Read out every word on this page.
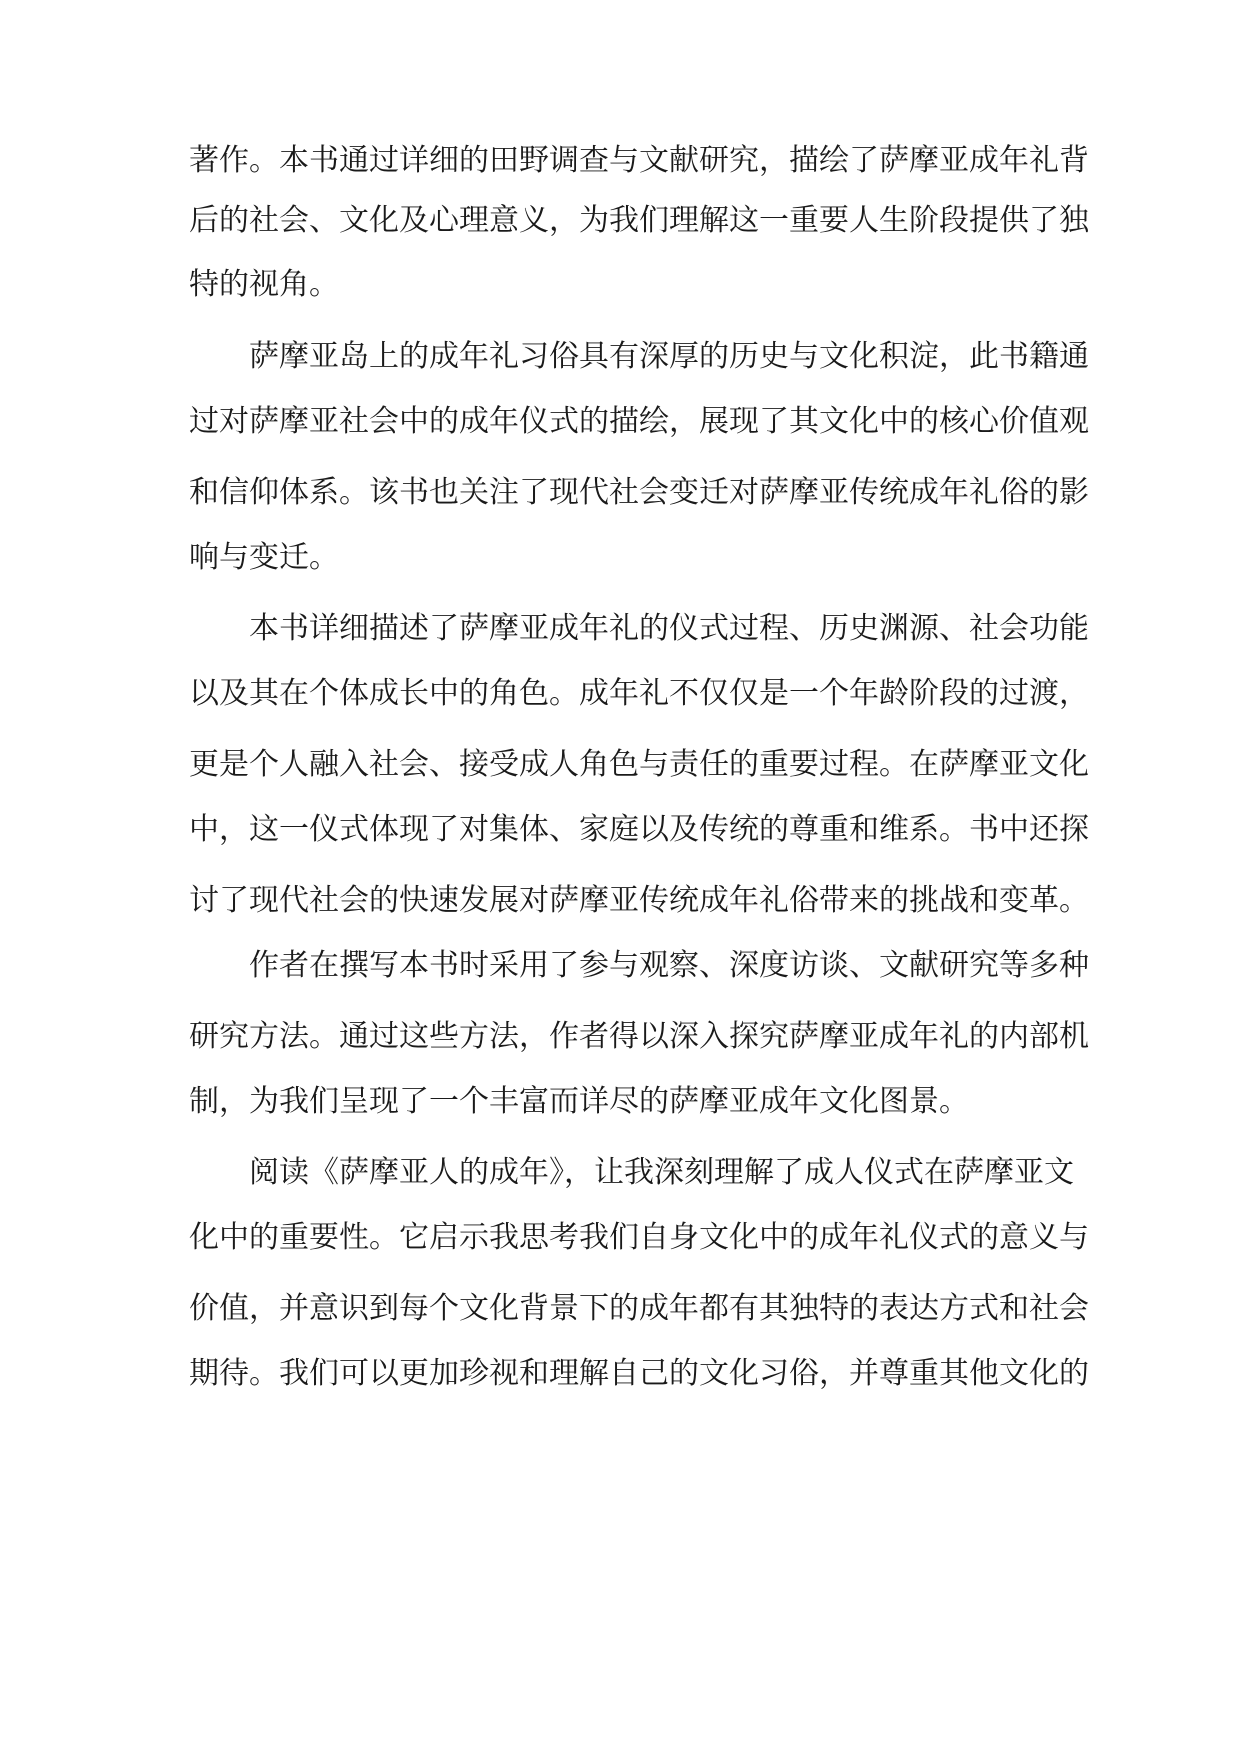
著作。本书通过详细的田野调查与文献研究，描绘了萨摩亚成年礼背
后的社会、文化及心理意义，为我们理解这一重要人生阶段提供了独
特的视角。
萨摩亚岛上的成年礼习俗具有深厚的历史与文化积淀，此书籍通
过对萨摩亚社会中的成年仪式的描绘，展现了其文化中的核心价值观
和信仰体系。该书也关注了现代社会变迁对萨摩亚传统成年礼俗的影
响与变迁。
本书详细描述了萨摩亚成年礼的仪式过程、历史渊源、社会功能
以及其在个体成长中的角色。成年礼不仅仅是一个年龄阶段的过渡，
更是个人融入社会、接受成人角色与责任的重要过程。在萨摩亚文化
中，这一仪式体现了对集体、家庭以及传统的尊重和维系。书中还探
讨了现代社会的快速发展对萨摩亚传统成年礼俗带来的挑战和变革。
作者在撰写本书时采用了参与观察、深度访谈、文献研究等多种
研究方法。通过这些方法，作者得以深入探究萨摩亚成年礼的内部机
制，为我们呈现了一个丰富而详尽的萨摩亚成年文化图景。
阅读《萨摩亚人的成年》，让我深刻理解了成人仪式在萨摩亚文
化中的重要性。它启示我思考我们自身文化中的成年礼仪式的意义与
价值，并意识到每个文化背景下的成年都有其独特的表达方式和社会
期待。我们可以更加珍视和理解自己的文化习俗，并尊重其他文化的
